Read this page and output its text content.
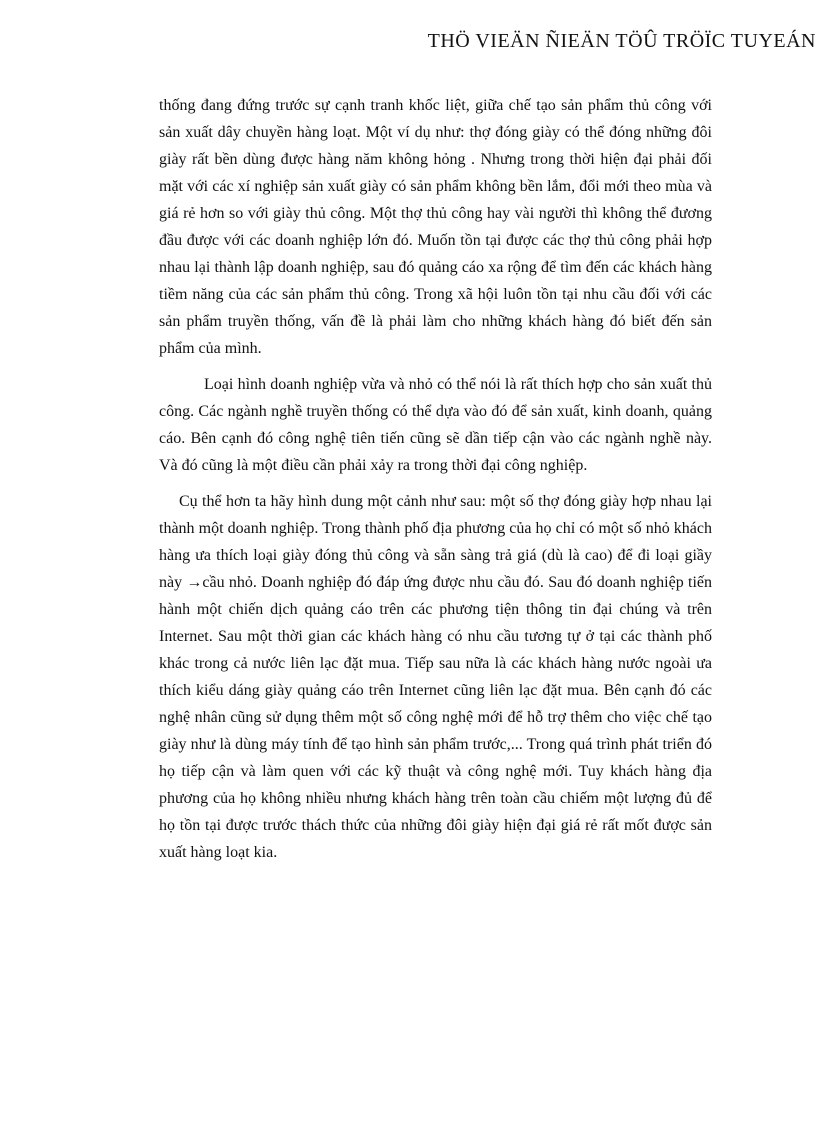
THÖ VIEÄN ÑIEÄN TÖÛ TRÖÏC TUYEÁN

thống đang đứng trước sự cạnh tranh khốc liệt, giữa chế tạo sản phẩm thủ công với sản xuất dây chuyền hàng loạt. Một ví dụ như: thợ đóng giày có thể đóng những đôi giày rất bền dùng được hàng năm không hỏng . Nhưng trong thời hiện đại phải đối mặt với các xí nghiệp sản xuất giày có sản phẩm không bền lắm, đổi mới theo mùa và giá rẻ hơn so với giày thủ công. Một thợ thủ công hay vài người thì không thể đương đầu được với các doanh nghiệp lớn đó. Muốn tồn tại được các thợ thủ công phải hợp nhau lại thành lập doanh nghiệp, sau đó quảng cáo xa rộng để tìm đến các khách hàng tiềm năng của các sản phẩm thủ công. Trong xã hội luôn tồn tại nhu cầu đối với các sản phẩm truyền thống, vấn đề là phải làm cho những khách hàng đó biết đến sản phẩm của mình.

Loại hình doanh nghiệp vừa và nhỏ có thể nói là rất thích hợp cho sản xuất thủ công. Các ngành nghề truyền thống có thể dựa vào đó để sản xuất, kinh doanh, quảng cáo. Bên cạnh đó công nghệ tiên tiến cũng sẽ dần tiếp cận vào các ngành nghề này. Và đó cũng là một điều cần phải xảy ra trong thời đại công nghiệp.

Cụ thể hơn ta hãy hình dung một cảnh như sau: một số thợ đóng giày hợp nhau lại thành một doanh nghiệp. Trong thành phố địa phương của họ chỉ có một số nhỏ khách hàng ưa thích loại giày đóng thủ công và sẵn sàng trả giá (dù là cao) để đi loại giầy này →cầu nhỏ. Doanh nghiệp đó đáp ứng được nhu cầu đó. Sau đó doanh nghiệp tiến hành một chiến dịch quảng cáo trên các phương tiện thông tin đại chúng và trên Internet. Sau một thời gian các khách hàng có nhu cầu tương tự ở tại các thành phố khác trong cả nước liên lạc đặt mua. Tiếp sau nữa là các khách hàng nước ngoài ưa thích kiểu dáng giày quảng cáo trên Internet cũng liên lạc đặt mua. Bên cạnh đó các nghệ nhân cũng sử dụng thêm một số công nghệ mới để hỗ trợ thêm cho việc chế tạo giày như là dùng máy tính để tạo hình sản phẩm trước,... Trong quá trình phát triển đó họ tiếp cận và làm quen với các kỹ thuật và công nghệ mới. Tuy khách hàng địa phương của họ không nhiều nhưng khách hàng trên toàn cầu chiếm một lượng đủ để họ tồn tại được trước thách thức của những đôi giày hiện đại giá rẻ rất mốt được sản xuất hàng loạt kia.
